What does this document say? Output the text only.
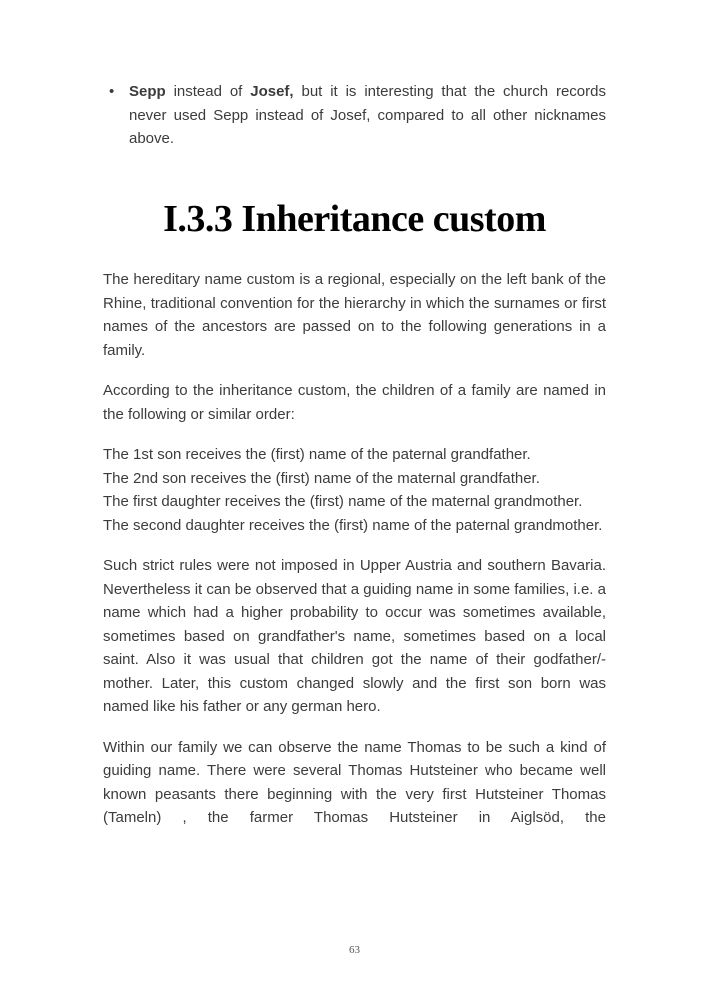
• Sepp instead of Josef, but it is interesting that the church records never used Sepp instead of Josef, compared to all other nicknames above.

I.3.3 Inheritance custom

The hereditary name custom is a regional, especially on the left bank of the Rhine, traditional convention for the hierarchy in which the surnames or first names of the ancestors are passed on to the following generations in a family.

According to the inheritance custom, the children of a family are named in the following or similar order:

The 1st son receives the (first) name of the paternal grandfather.
The 2nd son receives the (first) name of the maternal grandfather.
The first daughter receives the (first) name of the maternal grandmother.
The second daughter receives the (first) name of the paternal grandmother.

Such strict rules were not imposed in Upper Austria and southern Bavaria. Nevertheless it can be observed that a guiding name in some families, i.e. a name which had a higher probability to occur was sometimes available, sometimes based on grandfather's name, sometimes based on a local saint. Also it was usual that children got the name of their godfather/-mother. Later, this custom changed slowly and the first son born was named like his father or any german hero.

Within our family we can observe the name Thomas to be such a kind of guiding name. There were several Thomas Hutsteiner who became well known peasants there beginning with the very first Hutsteiner Thomas (Tameln) , the farmer Thomas Hutsteiner in Aiglsöd, the

63
